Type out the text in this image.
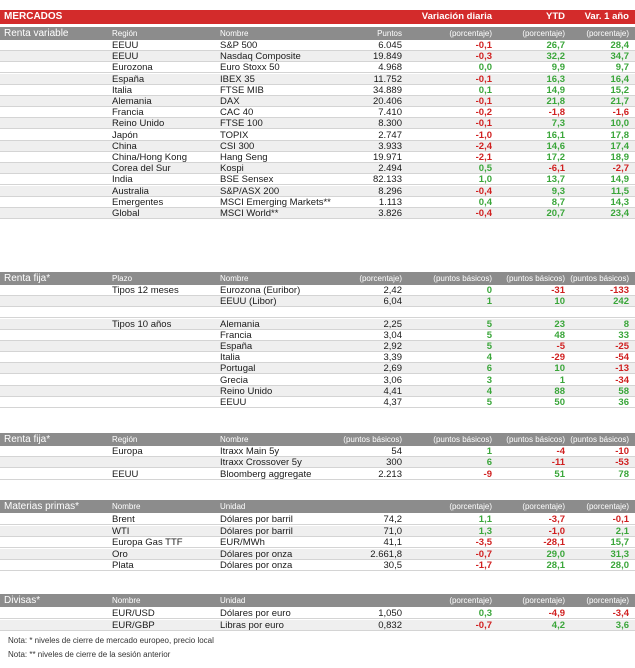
MERCADOS	Variación diaria	YTD Var. 1 año
Renta variable	Región	Nombre	Puntos	(porcentaje)	(porcentaje)	(porcentaje)
EEUU	S&P 500	6.045	-0,1	26,7	28,4
EEUU	Nasdaq Composite	19.849	-0,3	32,2	34,7
Eurozona	Euro Stoxx 50	4.968	0,0	9,9	9,7
España	IBEX 35	11.752	-0,1	16,3	16,4
Italia	FTSE MIB	34.889	0,1	14,9	15,2
Alemania	DAX	20.406	-0,1	21,8	21,7
Francia	CAC 40	7.410	-0,2	-1,8	-1,6
Reino Unido	FTSE 100	8.300	-0,1	7,3	10,0
Japón	TOPIX	2.747	-1,0	16,1	17,8
China	CSI 300	3.933	-2,4	14,6	17,4
China/Hong Kong	Hang Seng	19.971	-2,1	17,2	18,9
Corea del Sur	Kospi	2.494	0,5	-6,1	-2,7
India	BSE Sensex	82.133	1,0	13,7	14,9
Australia	S&P/ASX 200	8.296	-0,4	9,3	11,5
Emergentes	MSCI Emerging Markets**	1.113	0,4	8,7	14,3
Global	MSCI World**	3.826	-0,4	20,7	23,4
Renta fija*	Plazo	Nombre	(porcentaje)	(puntos básicos) (puntos básicos) (puntos básicos)
Tipos 12 meses	Eurozona (Euribor)	2,42	0	-31	-133
EEUU (Libor)	6,04	1	10	242
Tipos 10 años	Alemania	2,25	5	23	8
Francia	3,04	5	48	33
España	2,92	5	-5	-25
Italia	3,39	4	-29	-54
Portugal	2,69	6	10	-13
Grecia	3,06	3	1	-34
Reino Unido	4,41	4	88	58
EEUU	4,37	5	50	36
Renta fija*	Región	Nombre	(puntos básicos)	(puntos básicos) (puntos básicos) (puntos básicos)
Europa	Itraxx Main 5y	54	1	-4	-10
Itraxx Crossover 5y	300	6	-11	-53
EEUU	Bloomberg aggregate	2.213	-9	51	78
Materias primas*	Nombre	Unidad	(porcentaje)	(porcentaje)	(porcentaje)
Brent	Dólares por barril	74,2	1,1	-3,7	-0,1
WTI	Dólares por barril	71,0	1,3	-1,0	2,1
Europa Gas TTF	EUR/MWh	41,1	-3,5	-28,1	15,7
Oro	Dólares por onza	2.661,8	-0,7	29,0	31,3
Plata	Dólares por onza	30,5	-1,7	28,1	28,0
Divisas*	Nombre	Unidad	(porcentaje)	(porcentaje)	(porcentaje)
EUR/USD	Dólares por euro	1,050	0,3	-4,9	-3,4
EUR/GBP	Libras por euro	0,832	-0,7	4,2	3,6
Nota: * niveles de cierre de mercado europeo, precio local
Nota: ** niveles de cierre de la sesión anterior
